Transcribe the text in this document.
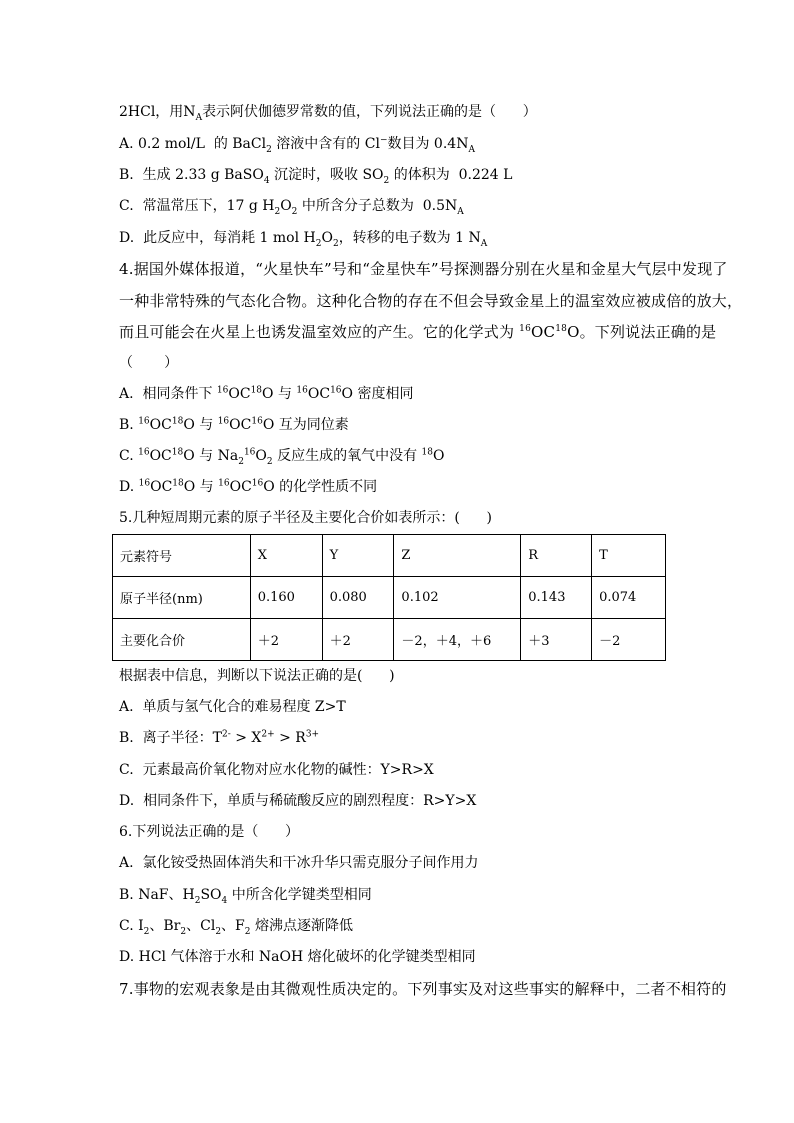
2HCl，用$N_A$表示阿伏伽德罗常数的值，下列说法正确的是（      ）
A. 0.2 mol/L  的 BaCl$_2$ 溶液中含有的 Cl−数目为 $0.4N_A$
B.  生成 2.33 g BaSO$_4$ 沉淀时，吸收 $SO_2$ 的体积为  0.224 L
C.  常温常压下，17 g $H_2O_2$ 中所含分子总数为  $0.5N_A$
D.  此反应中，每消耗 1 mol $H_2O_2$，转移的电子数为 1 $N_A$
4.据国外媒体报道，“火星快车”号和“金星快车”号探测器分别在火星和金星大气层中发现了
一种非常特殊的气态化合物。这种化合物的存在不但会导致金星上的温室效应被成倍的放大，
而且可能会在火星上也诱发温室效应的产生。它的化学式为 $^{16}$OC$^{18}$O。下列说法正确的是
（       ）
A.  相同条件下 $^{16}$OC$^{18}$O 与 $^{16}$OC$^{16}$O 密度相同
B. $^{16}$OC$^{18}$O 与 $^{16}$OC$^{16}$O 互为同位素
C. $^{16}$OC$^{18}$O 与 $Na_2^{16}O_2$ 反应生成的氧气中没有 $^{18}$O
D. $^{16}$OC$^{18}$O 与 $^{16}$OC$^{16}$O 的化学性质不同
5.几种短周期元素的原子半径及主要化合价如表所示：(      )
元素符号	X	Y	Z	R	T
原子半径(nm)	0.160	0.080	0.102	0.143	0.074
主要化合价	＋2	＋2	－2，＋4，＋6	＋3	－2
根据表中信息，判断以下说法正确的是(      )
A.  单质与氢气化合的难易程度 Z>T
B.  离子半径：$T^{2-} > X^{2+} > R^{3+}$
C.  元素最高价氧化物对应水化物的碱性：Y>R>X
D.  相同条件下，单质与稀硫酸反应的剧烈程度：R>Y>X
6.下列说法正确的是（      ）
A.  氯化铵受热固体消失和干冰升华只需克服分子间作用力
B. NaF、$H_2SO_4$ 中所含化学键类型相同
C. $I_2$、$Br_2$、$Cl_2$、$F_2$ 熔沸点逐渐降低
D. HCl 气体溶于水和 NaOH 熔化破坏的化学键类型相同
7.事物的宏观表象是由其微观性质决定的。下列事实及对这些事实的解释中，二者不相符的
